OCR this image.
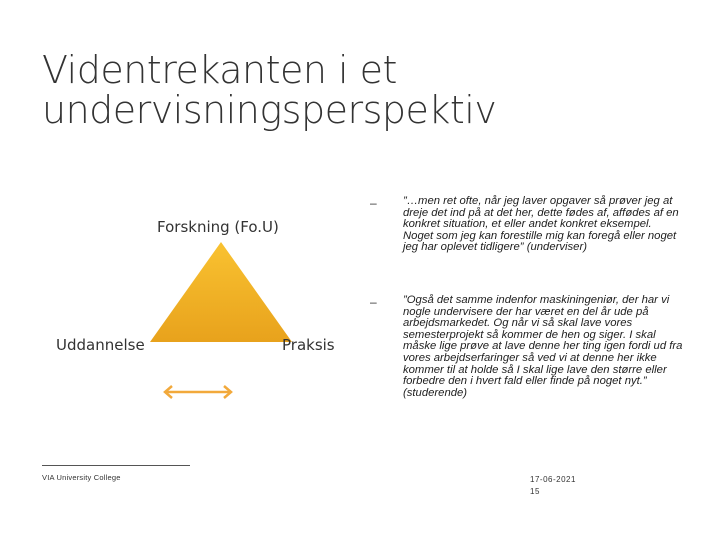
Videntrekanten i et undervisningsperspektiv
Forskning (Fo.U)
Uddannelse	Praksis
– ”…men ret ofte, når jeg laver opgaver så prøver jeg at dreje det ind på at det her, dette fødes af, affødes af en konkret situation, et eller andet konkret eksempel. Noget som jeg kan forestille mig kan foregå eller noget jeg har oplevet tidligere” (underviser)
– ”Også det samme indenfor maskiningeniør, der har vi nogle undervisere der har været en del år ude på arbejdsmarkedet. Og når vi så skal lave vores semesterprojekt så kommer de hen og siger. I skal måske lige prøve at lave denne her ting igen fordi ud fra vores arbejdserfaringer så ved vi at denne her ikke kommer til at holde så I skal lige lave den større eller forbedre den i hvert fald eller finde på noget nyt.” (studerende)
VIA University College	17-06-2021
15
